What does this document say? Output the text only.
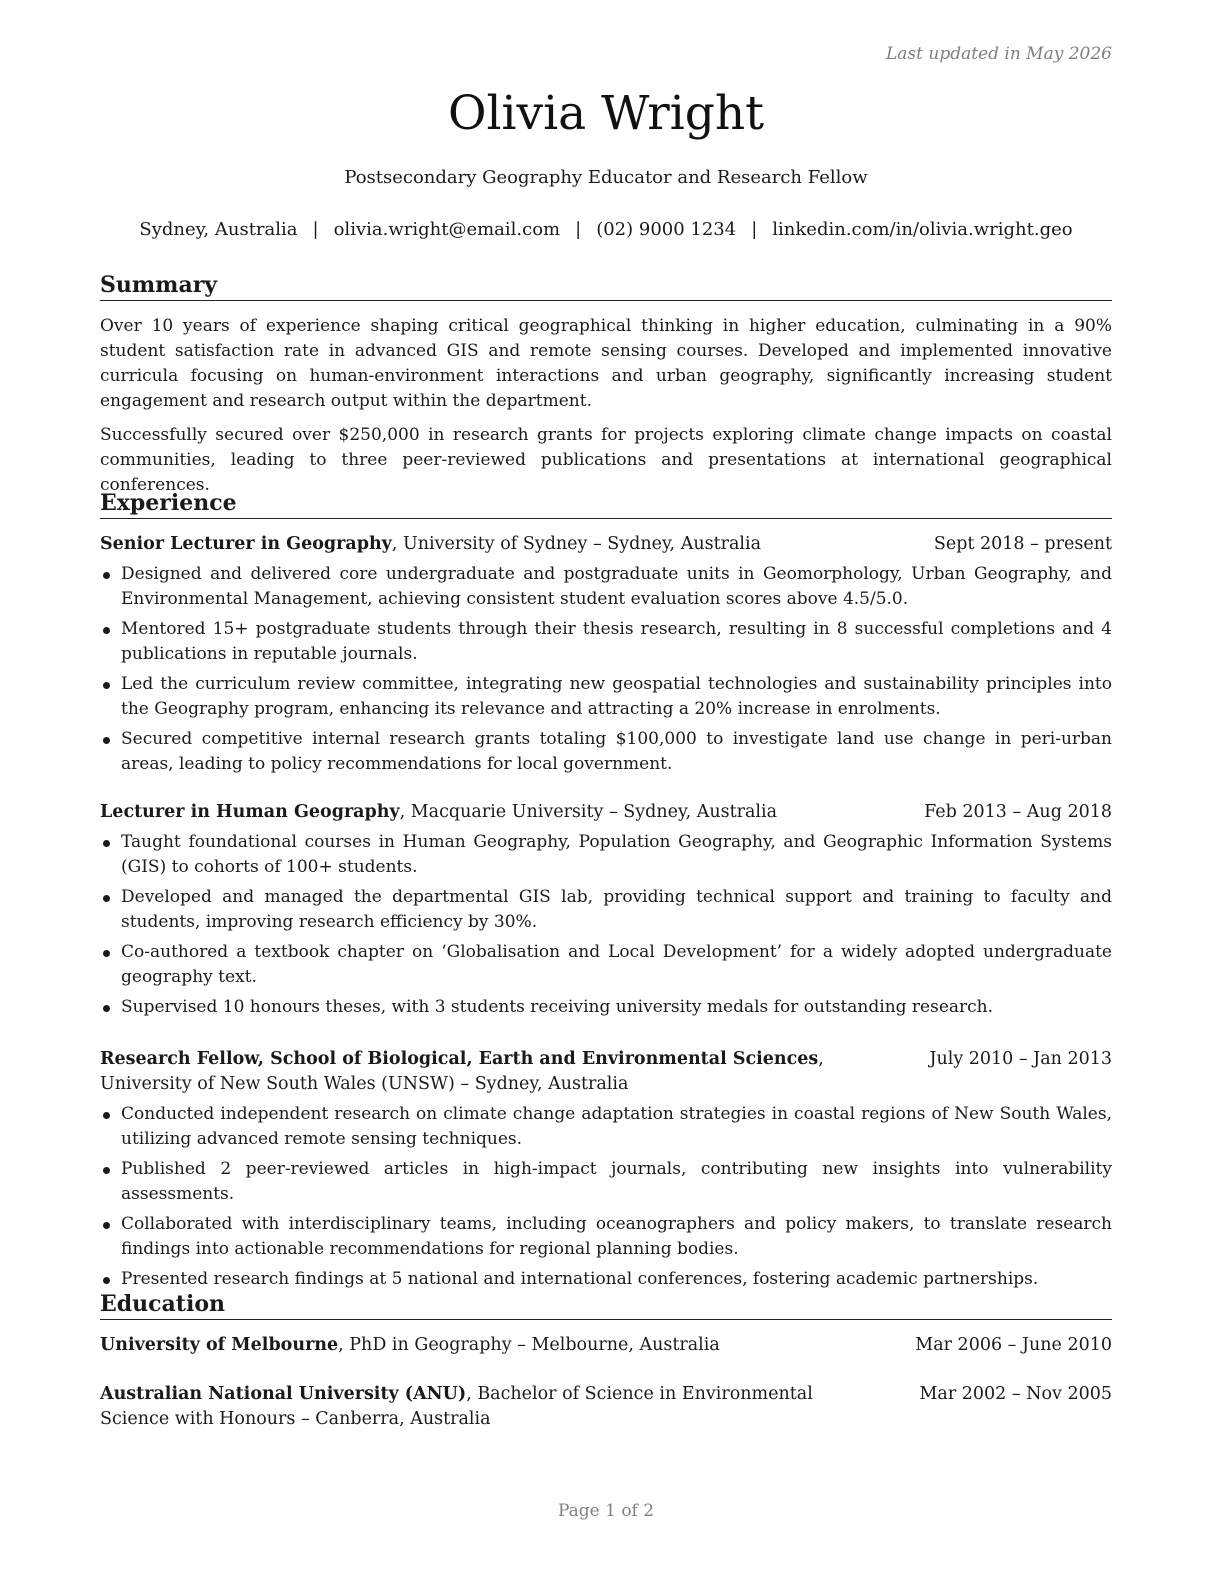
Last updated in May 2026
Olivia Wright
Postsecondary Geography Educator and Research Fellow
Sydney, Australia | olivia.wright@email.com | (02) 9000 1234 | linkedin.com/in/olivia.wright.geo
Summary
Over 10 years of experience shaping critical geographical thinking in higher education, culminating in a 90% student satisfaction rate in advanced GIS and remote sensing courses. Developed and implemented innovative curricula focusing on human-environment interactions and urban geography, significantly increasing student engagement and research output within the department.
Successfully secured over $250,000 in research grants for projects exploring climate change impacts on coastal communities, leading to three peer-reviewed publications and presentations at international geographical conferences.
Experience
Senior Lecturer in Geography, University of Sydney – Sydney, Australia	Sept 2018 – present
Designed and delivered core undergraduate and postgraduate units in Geomorphology, Urban Geography, and Environmental Management, achieving consistent student evaluation scores above 4.5/5.0.
Mentored 15+ postgraduate students through their thesis research, resulting in 8 successful completions and 4 publications in reputable journals.
Led the curriculum review committee, integrating new geospatial technologies and sustainability principles into the Geography program, enhancing its relevance and attracting a 20% increase in enrolments.
Secured competitive internal research grants totaling $100,000 to investigate land use change in peri-urban areas, leading to policy recommendations for local government.
Lecturer in Human Geography, Macquarie University – Sydney, Australia	Feb 2013 – Aug 2018
Taught foundational courses in Human Geography, Population Geography, and Geographic Information Systems (GIS) to cohorts of 100+ students.
Developed and managed the departmental GIS lab, providing technical support and training to faculty and students, improving research efficiency by 30%.
Co-authored a textbook chapter on ‘Globalisation and Local Development’ for a widely adopted undergraduate geography text.
Supervised 10 honours theses, with 3 students receiving university medals for outstanding research.
Research Fellow, School of Biological, Earth and Environmental Sciences, University of New South Wales (UNSW) – Sydney, Australia
July 2010 – Jan 2013
Conducted independent research on climate change adaptation strategies in coastal regions of New South Wales, utilizing advanced remote sensing techniques.
Published 2 peer-reviewed articles in high-impact journals, contributing new insights into vulnerability assessments.
Collaborated with interdisciplinary teams, including oceanographers and policy makers, to translate research findings into actionable recommendations for regional planning bodies.
Presented research findings at 5 national and international conferences, fostering academic partnerships.
Education
University of Melbourne, PhD in Geography – Melbourne, Australia	Mar 2006 – June 2010
Australian National University (ANU), Bachelor of Science in Environmental Science with Honours – Canberra, Australia
Mar 2002 – Nov 2005
Page 1 of 2
